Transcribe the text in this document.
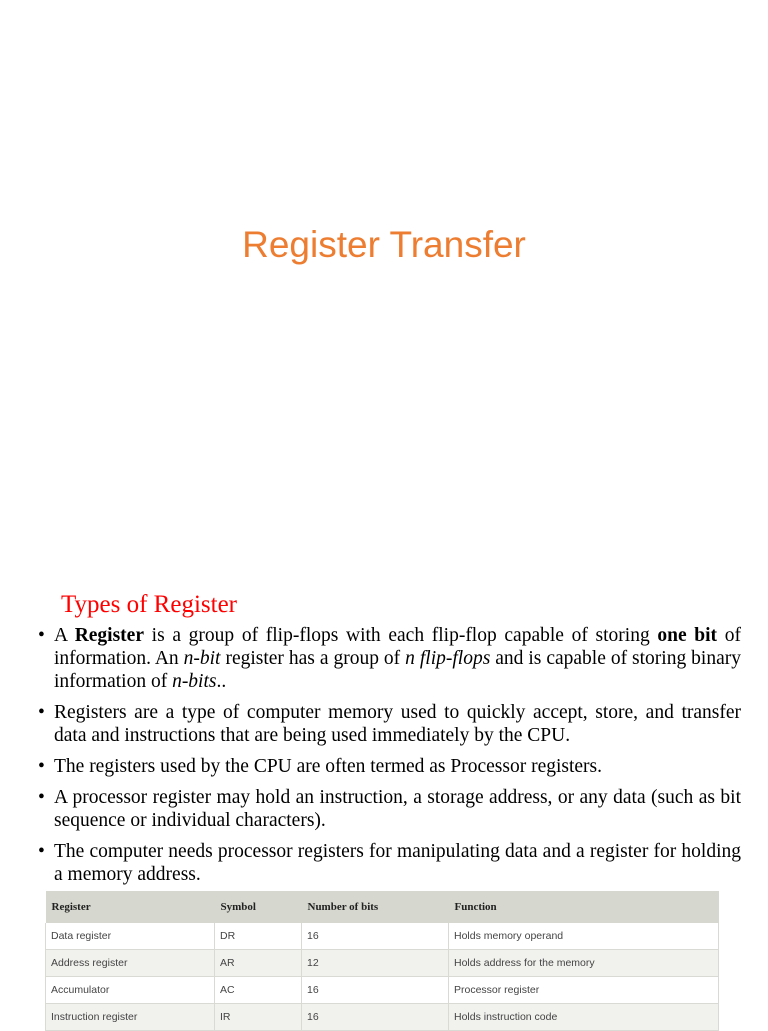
Register Transfer
Types of Register
• A Register is a group of flip-flops with each flip-flop capable of storing one bit of information. An n-bit register has a group of n flip-flops and is capable of storing binary information of n-bits..
• Registers are a type of computer memory used to quickly accept, store, and transfer data and instructions that are being used immediately by the CPU.
• The registers used by the CPU are often termed as Processor registers.
• A processor register may hold an instruction, a storage address, or any data (such as bit sequence or individual characters).
• The computer needs processor registers for manipulating data and a register for holding a memory address.
Register	Symbol	Number of bits	Function
Data register	DR	16	Holds memory operand
Address register	AR	12	Holds address for the memory
Accumulator	AC	16	Processor register
Instruction register	IR	16	Holds instruction code
